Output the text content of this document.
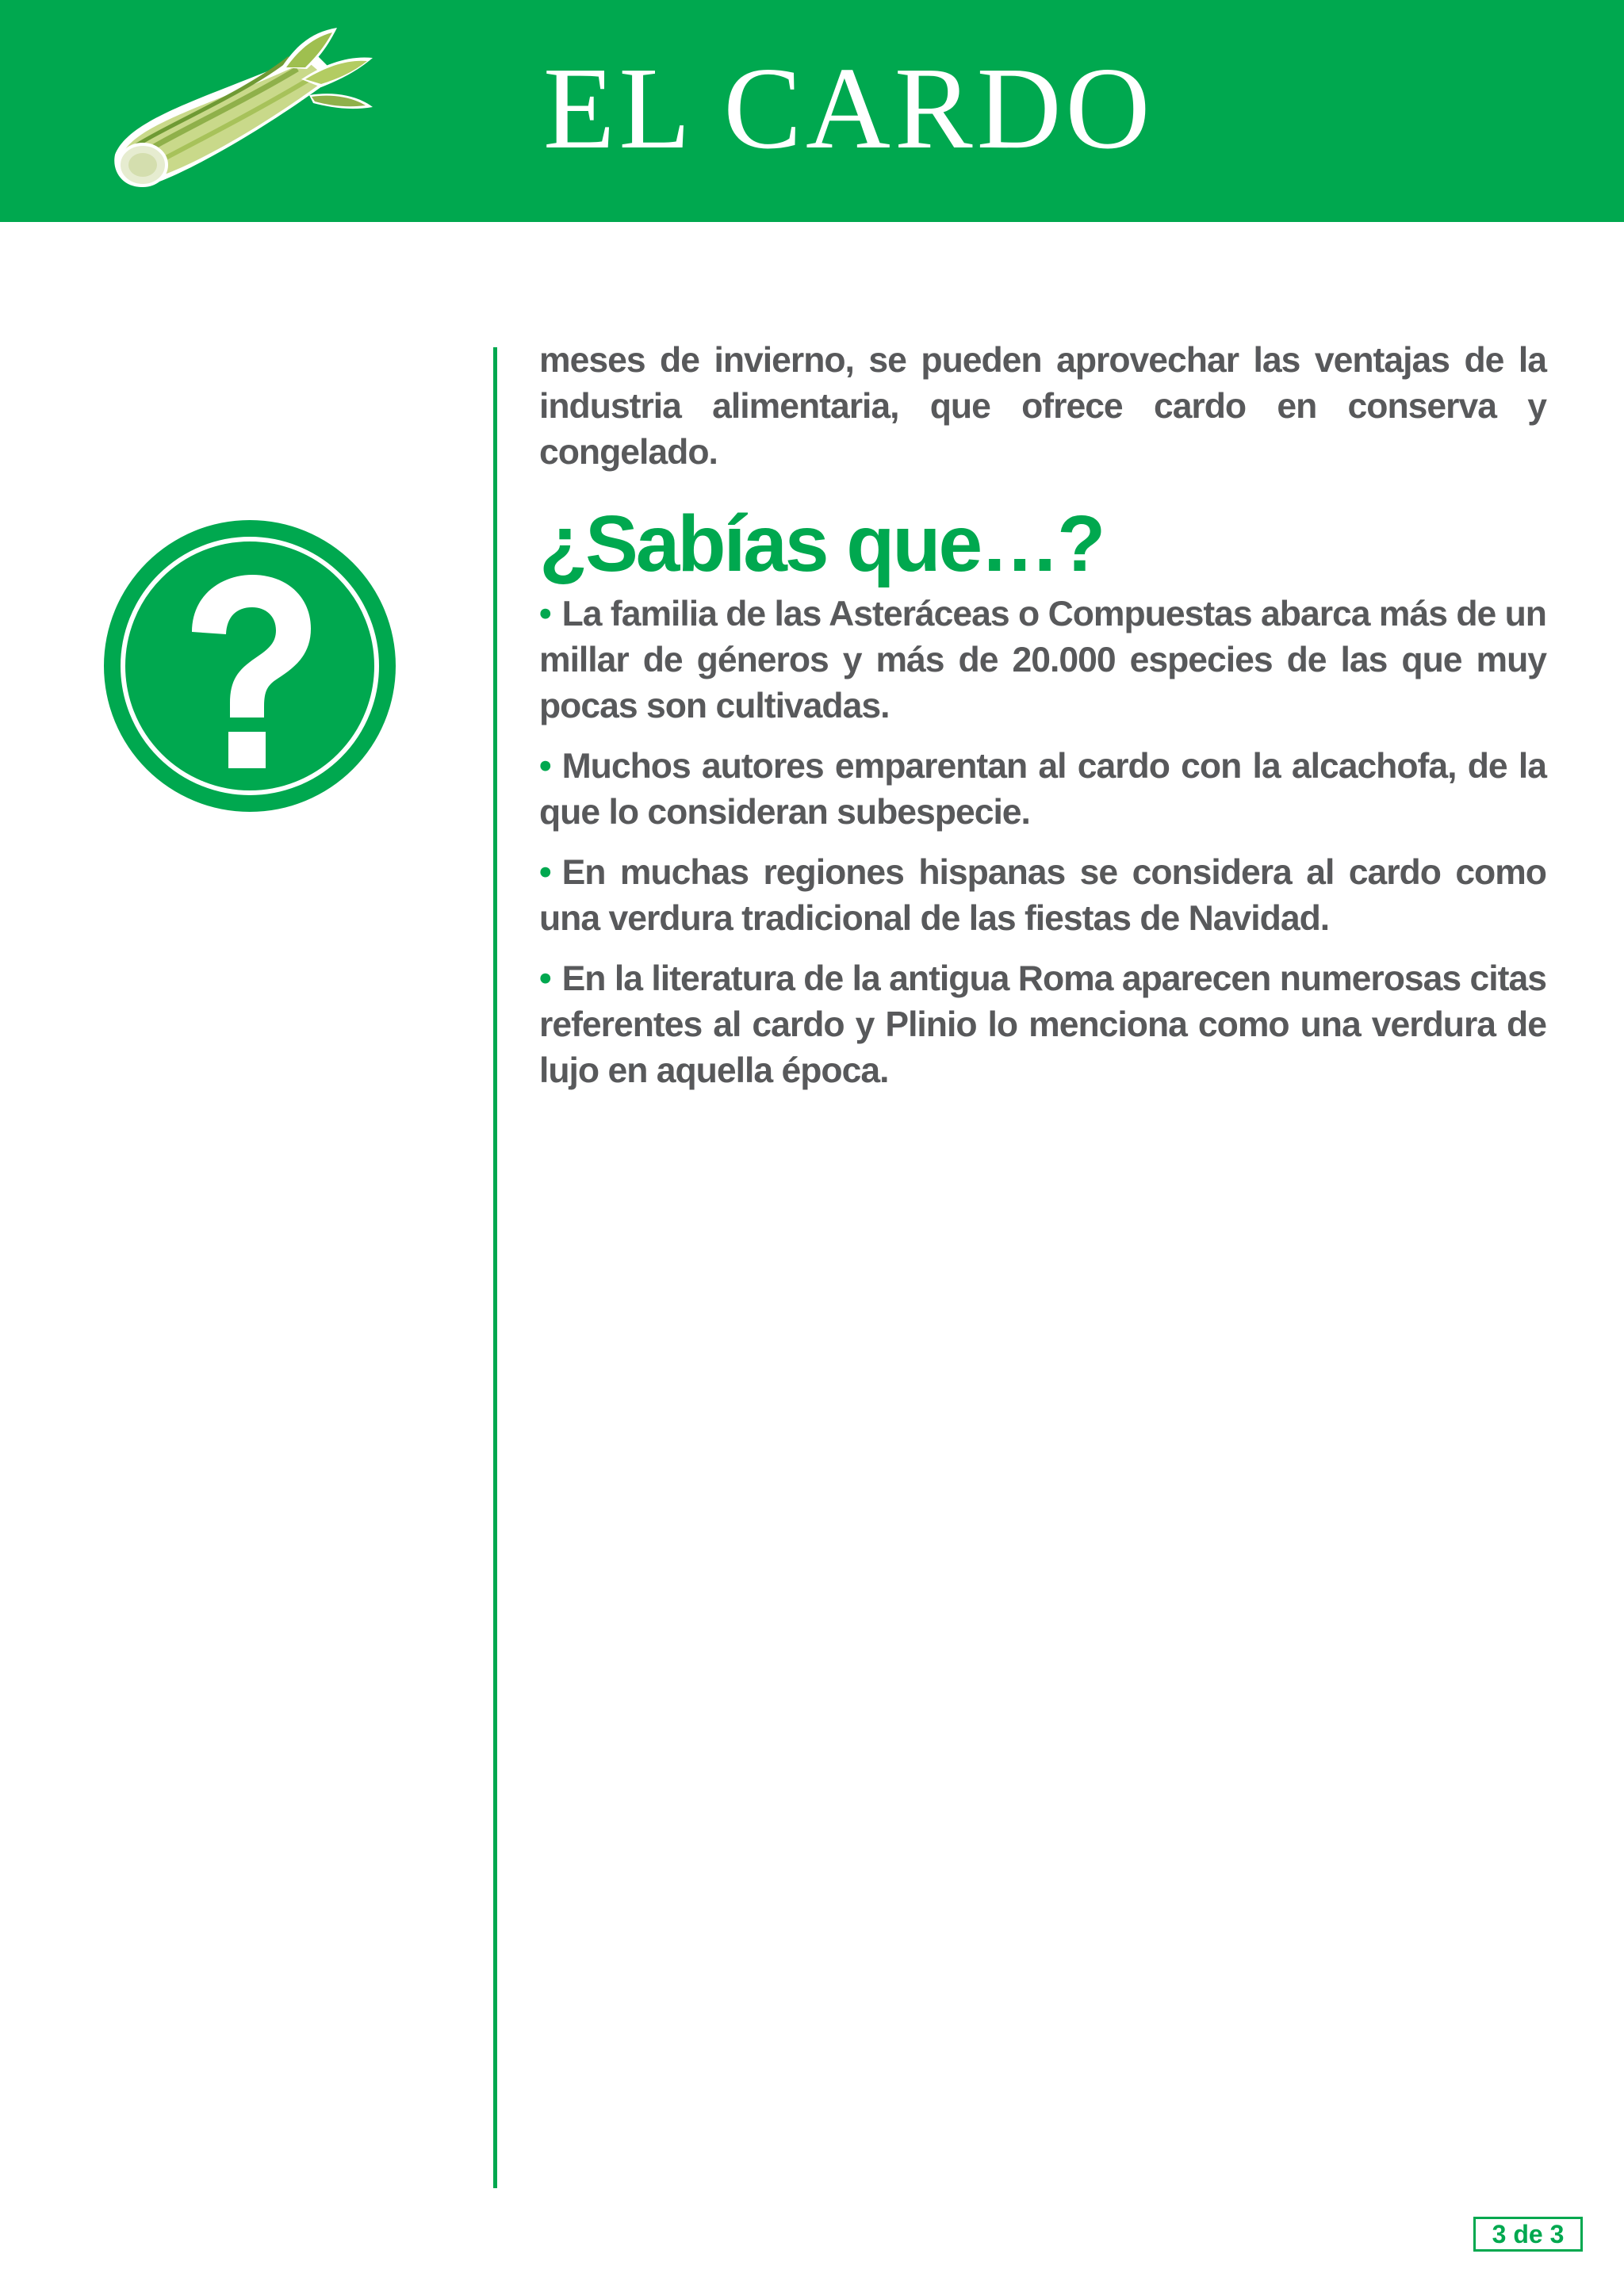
EL CARDO

meses de invierno, se pueden aprovechar las ventajas de la industria alimentaria, que ofrece cardo en conserva y congelado.

¿Sabías que…?

• La familia de las Asteráceas o Compuestas abarca más de un millar de géneros y más de 20.000 especies de las que muy pocas son cultivadas.

• Muchos autores emparentan al cardo con la alcachofa, de la que lo consideran subespecie.

• En muchas regiones hispanas se considera al cardo como una verdura tradicional de las fiestas de Navidad.

• En la literatura de la antigua Roma aparecen numerosas citas referentes al cardo y Plinio lo menciona como una verdura de lujo en aquella época.

3 de 3
